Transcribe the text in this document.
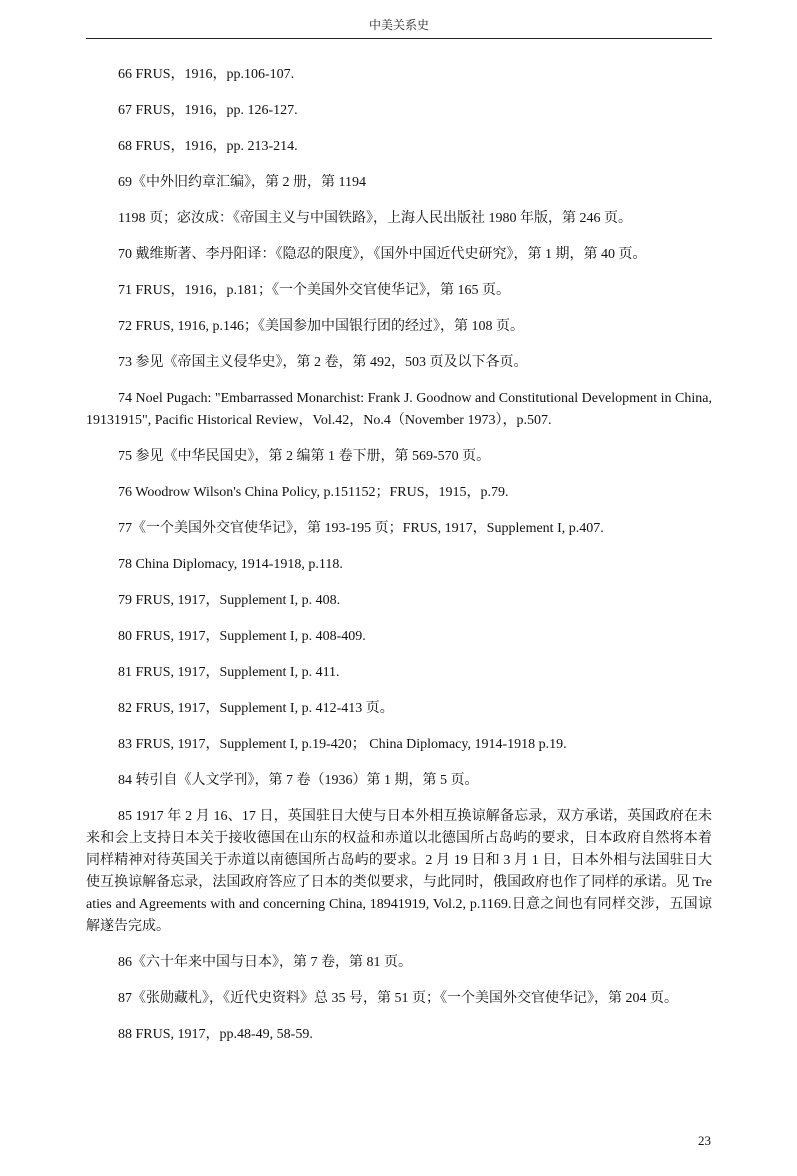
中美关系史

66 FRUS，1916，pp.106-107.

67 FRUS，1916，pp. 126-127.

68 FRUS，1916，pp. 213-214.

69《中外旧约章汇编》，第 2 册，第 1194

1198 页；宓汝成：《帝国主义与中国铁路》，上海人民出版社 1980 年版，第 246 页。

70 戴维斯著、李丹阳译：《隐忍的限度》，《国外中国近代史研究》，第 1 期，第 40 页。

71 FRUS，1916，p.181；《一个美国外交官使华记》，第 165 页。

72 FRUS, 1916, p.146；《美国参加中国银行团的经过》，第 108 页。

73 参见《帝国主义侵华史》，第 2 卷，第 492，503 页及以下各页。

74 Noel Pugach: "Embarrassed Monarchist: Frank J. Goodnow and Constitutional Development in China, 19131915", Pacific Historical Review，Vol.42，No.4（November 1973），p.507.

75 参见《中华民国史》，第 2 编第 1 卷下册，第 569-570 页。

76 Woodrow Wilson's China Policy, p.151152；FRUS，1915，p.79.

77《一个美国外交官使华记》，第 193-195 页；FRUS, 1917，Supplement I, p.407.

78 China Diplomacy, 1914-1918, p.118.

79 FRUS, 1917，Supplement I, p. 408.

80 FRUS, 1917，Supplement I, p. 408-409.

81 FRUS, 1917，Supplement I, p. 411.

82 FRUS, 1917，Supplement I, p. 412-413 页。

83 FRUS, 1917，Supplement I, p.19-420； China Diplomacy, 1914-1918 p.19.

84 转引自《人文学刊》，第 7 卷（1936）第 1 期，第 5 页。

85 1917 年 2 月 16、17 日，英国驻日大使与日本外相互换谅解备忘录，双方承诺，英国政府在未来和会上支持日本关于接收德国在山东的权益和赤道以北德国所占岛屿的要求，日本政府自然将本着同样精神对待英国关于赤道以南德国所占岛屿的要求。2 月 19 日和 3 月 1 日，日本外相与法国驻日大使互换谅解备忘录，法国政府答应了日本的类似要求，与此同时，俄国政府也作了同样的承诺。见 Treaties and Agreements with and concerning China, 18941919, Vol.2, p.1169.日意之间也有同样交涉，五国谅解遂告完成。

86《六十年来中国与日本》，第 7 卷，第 81 页。

87《张勋藏札》，《近代史资料》总 35 号，第 51 页；《一个美国外交官使华记》，第 204 页。

88 FRUS, 1917，pp.48-49, 58-59.

23
